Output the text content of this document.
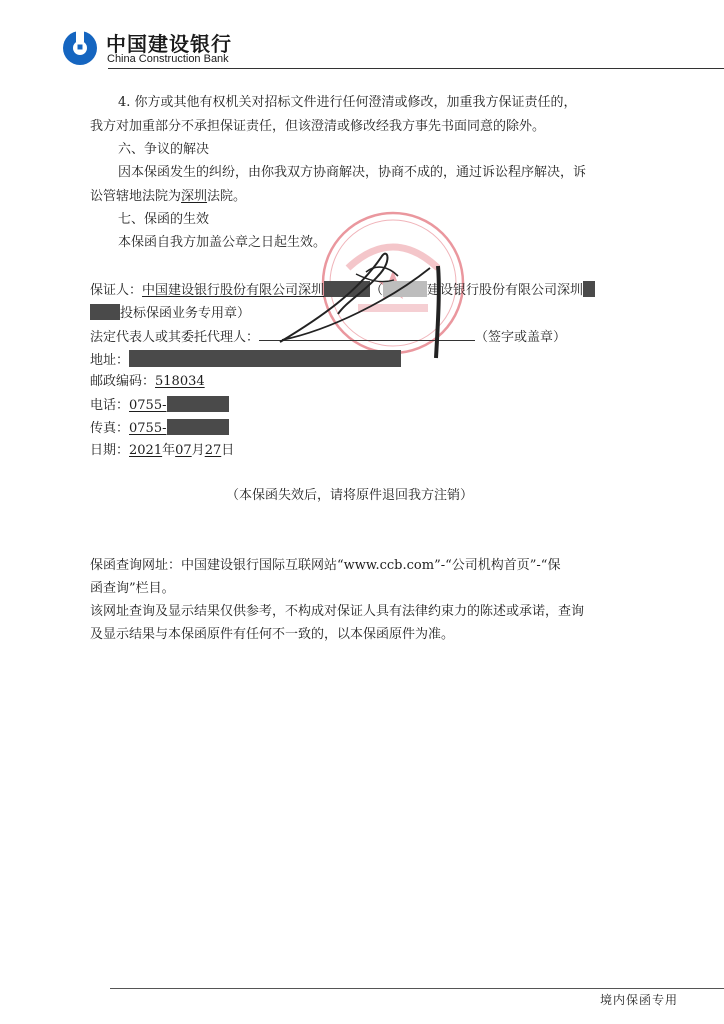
中国建设银行
China Construction Bank
4. 你方或其他有权机关对招标文件进行任何澄清或修改，加重我方保证责任的，
我方对加重部分不承担保证责任，但该澄清或修改经我方事先书面同意的除外。
六、争议的解决
因本保函发生的纠纷，由你我双方协商解决，协商不成的，通过诉讼程序解决，诉
讼管辖地法院为深圳法院。
七、保函的生效
本保函自我方加盖公章之日起生效。
保证人：中国建设银行股份有限公司深圳	（	建设银行股份有限公司深圳
投标保函业务专用章）
法定代表人或其委托代理人：	（签字或盖章）
地址：
邮政编码：518034
电话：0755-
传真：0755-
日期：2021年07月27日
（本保函失效后，请将原件退回我方注销）
保函查询网址：中国建设银行国际互联网站“www.ccb.com”-“公司机构首页”-“保
函查询”栏目。
该网址查询及显示结果仅供参考，不构成对保证人具有法律约束力的陈述或承诺，查询
及显示结果与本保函原件有任何不一致的，以本保函原件为准。
境内保函专用
